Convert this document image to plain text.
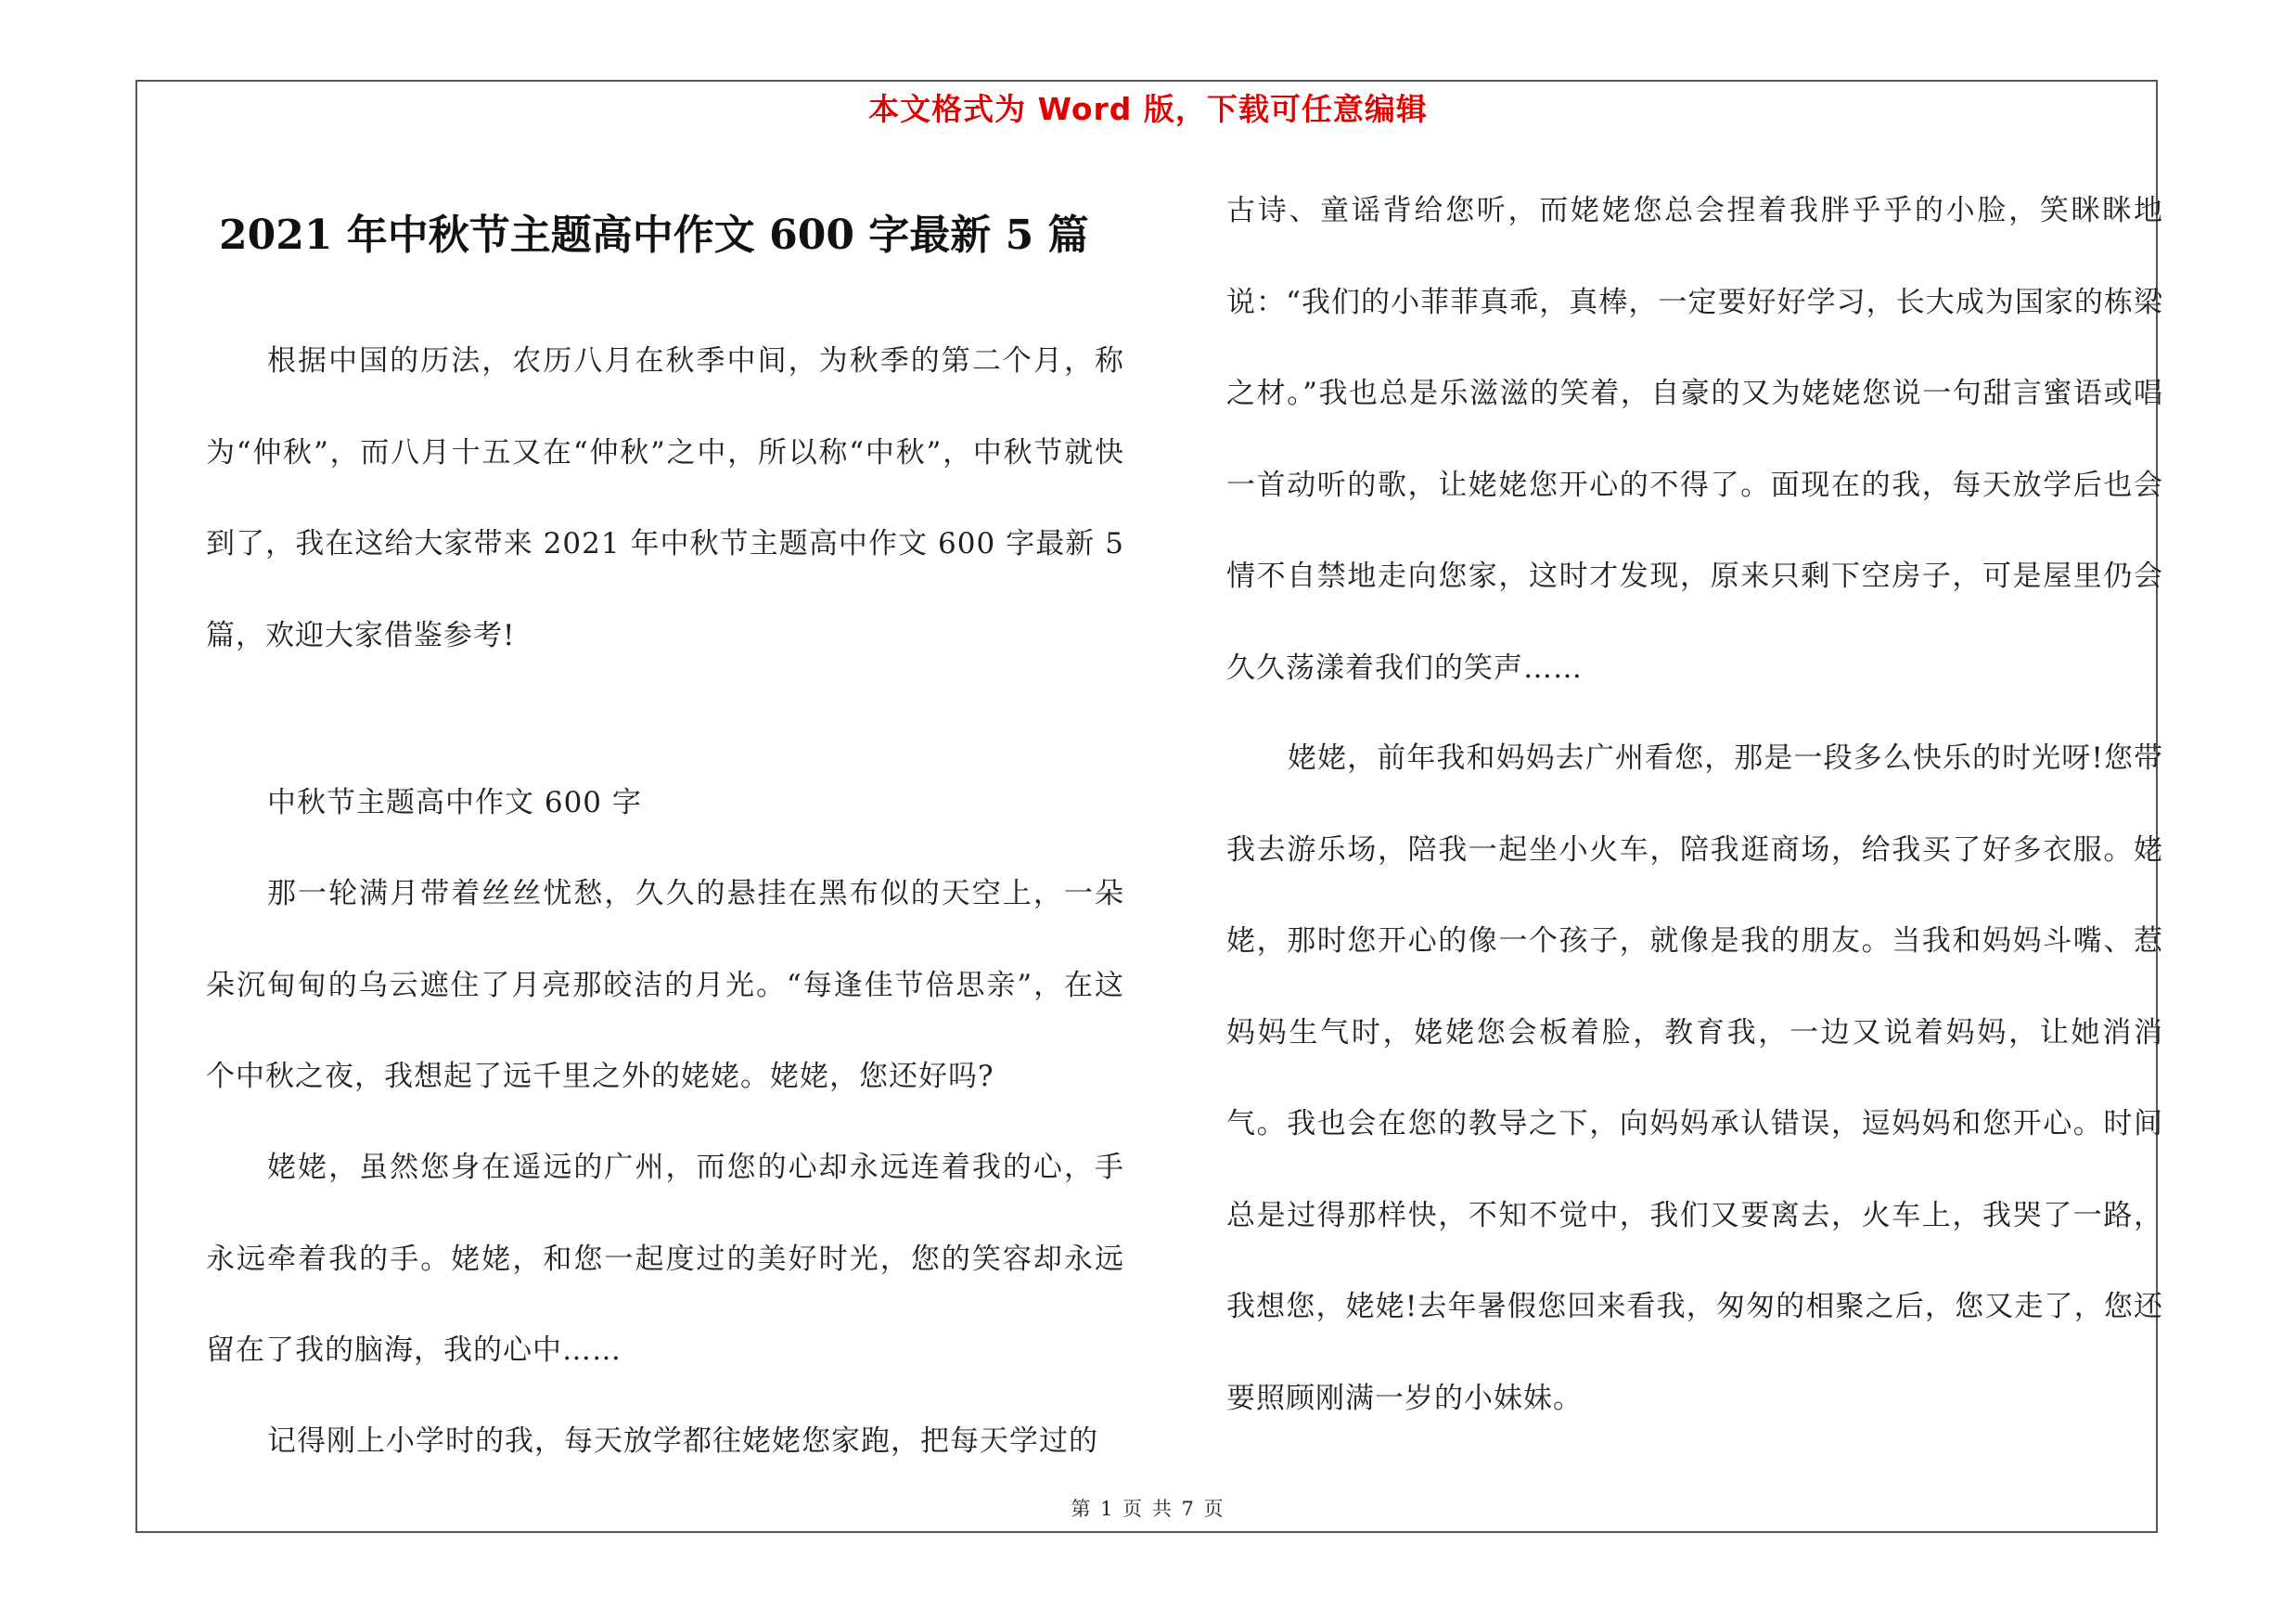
本文格式为 Word 版，下载可任意编辑
2021 年中秋节主题高中作文 600 字最新 5 篇

根据中国的历法，农历八月在秋季中间，为秋季的第二个月，称为“仲秋”，而八月十五又在“仲秋”之中，所以称“中秋”，中秋节就快到了，我在这给大家带来 2021 年中秋节主题高中作文 600 字最新 5 篇，欢迎大家借鉴参考!

中秋节主题高中作文 600 字

那一轮满月带着丝丝忧愁，久久的悬挂在黑布似的天空上，一朵朵沉甸甸的乌云遮住了月亮那皎洁的月光。“每逢佳节倍思亲”，在这个中秋之夜，我想起了远千里之外的姥姥。姥姥，您还好吗?

姥姥，虽然您身在遥远的广州，而您的心却永远连着我的心，手永远牵着我的手。姥姥，和您一起度过的美好时光，您的笑容却永远留在了我的脑海，我的心中……

记得刚上小学时的我，每天放学都往姥姥您家跑，把每天学过的

古诗、童谣背给您听，而姥姥您总会捏着我胖乎乎的小脸，笑眯眯地说：“我们的小菲菲真乖，真棒，一定要好好学习，长大成为国家的栋梁之材。”我也总是乐滋滋的笑着，自豪的又为姥姥您说一句甜言蜜语或唱一首动听的歌，让姥姥您开心的不得了。面现在的我，每天放学后也会情不自禁地走向您家，这时才发现，原来只剩下空房子，可是屋里仍会久久荡漾着我们的笑声……

姥姥，前年我和妈妈去广州看您，那是一段多么快乐的时光呀!您带我去游乐场，陪我一起坐小火车，陪我逛商场，给我买了好多衣服。姥姥，那时您开心的像一个孩子，就像是我的朋友。当我和妈妈斗嘴、惹妈妈生气时，姥姥您会板着脸，教育我，一边又说着妈妈，让她消消气。我也会在您的教导之下，向妈妈承认错误，逗妈妈和您开心。时间总是过得那样快，不知不觉中，我们又要离去，火车上，我哭了一路，我想您，姥姥!去年暑假您回来看我，匆匆的相聚之后，您又走了，您还要照顾刚满一岁的小妹妹。

第 1 页 共 7 页
